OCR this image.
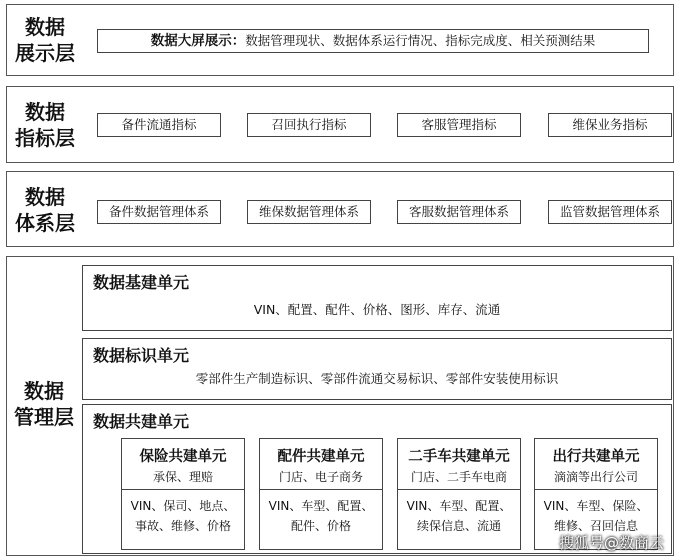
数据
展示层	数据大屏展示：数据管理现状、数据体系运行情况、指标完成度、相关预测结果
数据
指标层
备件流通指标	召回执行指标	客服管理指标	维保业务指标
数据
体系层	备件数据管理体系	维保数据管理体系	客服数据管理体系	监管数据管理体系
数据
管理层
数据基建单元
VIN、配置、配件、价格、图形、库存、流通
数据标识单元
零部件生产制造标识、零部件流通交易标识、零部件安装使用标识
数据共建单元
保险共建单元
承保、理赔
VIN、保司、地点、
事故、维修、价格
配件共建单元
门店、电子商务
VIN、车型、配置、
配件、价格
二手车共建单元
门店、二手车电商
VIN、车型、配置、
续保信息、流通
出行共建单元
滴滴等出行公司
VIN、车型、保险、
维修、召回信息
搜狐号@数商云
